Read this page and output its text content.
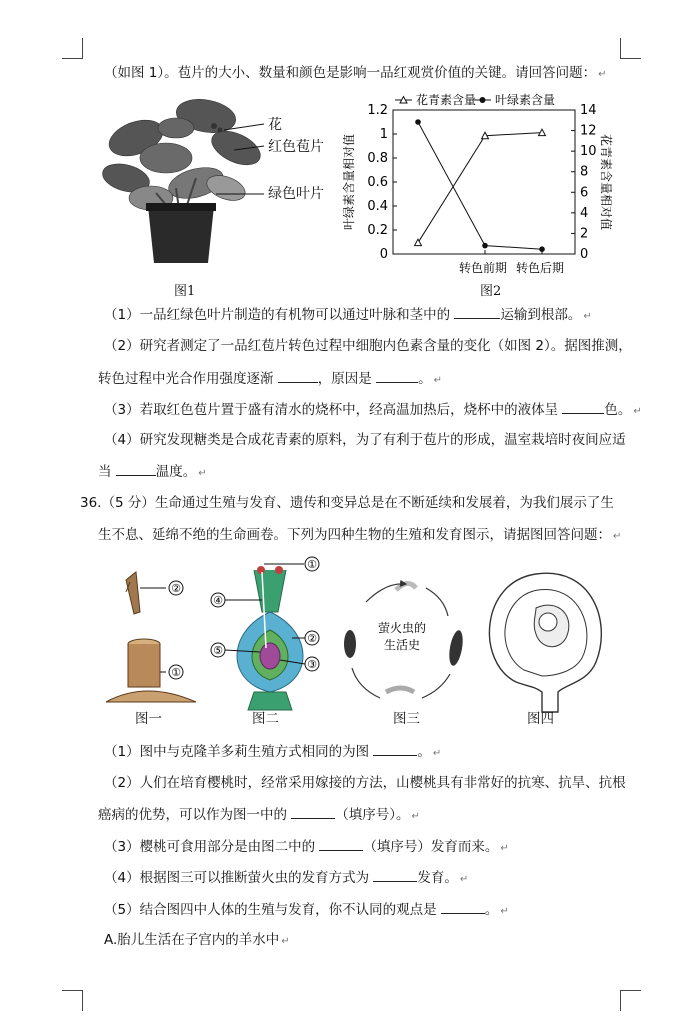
（如图 1）。苞片的大小、数量和颜色是影响一品红观赏价值的关键。请回答问题： ↵
花
红色苞片
绿色叶片
图1
花青素含量 叶绿素含量
0
0.2
0.4
0.6
0.8
1
1.2
0
2
4
6
8
10
12
14
转色前期 转色后期
叶绿素含量相对值	花青素含量相对值
图2
（1）一品红绿色叶片制造的有机物可以通过叶脉和茎中的	运输到根部。 ↵
（2）研究者测定了一品红苞片转色过程中细胞内色素含量的变化（如图 2）。据图推测，
转色过程中光合作用强度逐渐	，原因是	。 ↵
（3）若取红色苞片置于盛有清水的烧杯中，经高温加热后，烧杯中的液体呈	色。 ↵
（4）研究发现糖类是合成花青素的原料，为了有利于苞片的形成，温室栽培时夜间应适
当	温度。 ↵
36.（5 分）生命通过生殖与发育、遗传和变异总是在不断延续和发展着，为我们展示了生
生不息、延绵不绝的生命画卷。下列为四种生物的生殖和发育图示，请据图回答问题： ↵
②
①
①
④
②
⑤
③
萤火虫的
生活史
图一	图二	图三	图四
（1）图中与克隆羊多莉生殖方式相同的为图	。 ↵
（2）人们在培育樱桃时，经常采用嫁接的方法，山樱桃具有非常好的抗寒、抗旱、抗根
癌病的优势，可以作为图一中的	（填序号）。 ↵
（3）樱桃可食用部分是由图二中的	（填序号）发育而来。 ↵
（4）根据图三可以推断萤火虫的发育方式为	发育。 ↵
（5）结合图四中人体的生殖与发育，你不认同的观点是	。 ↵
A.胎儿生活在子宫内的羊水中 ↵
